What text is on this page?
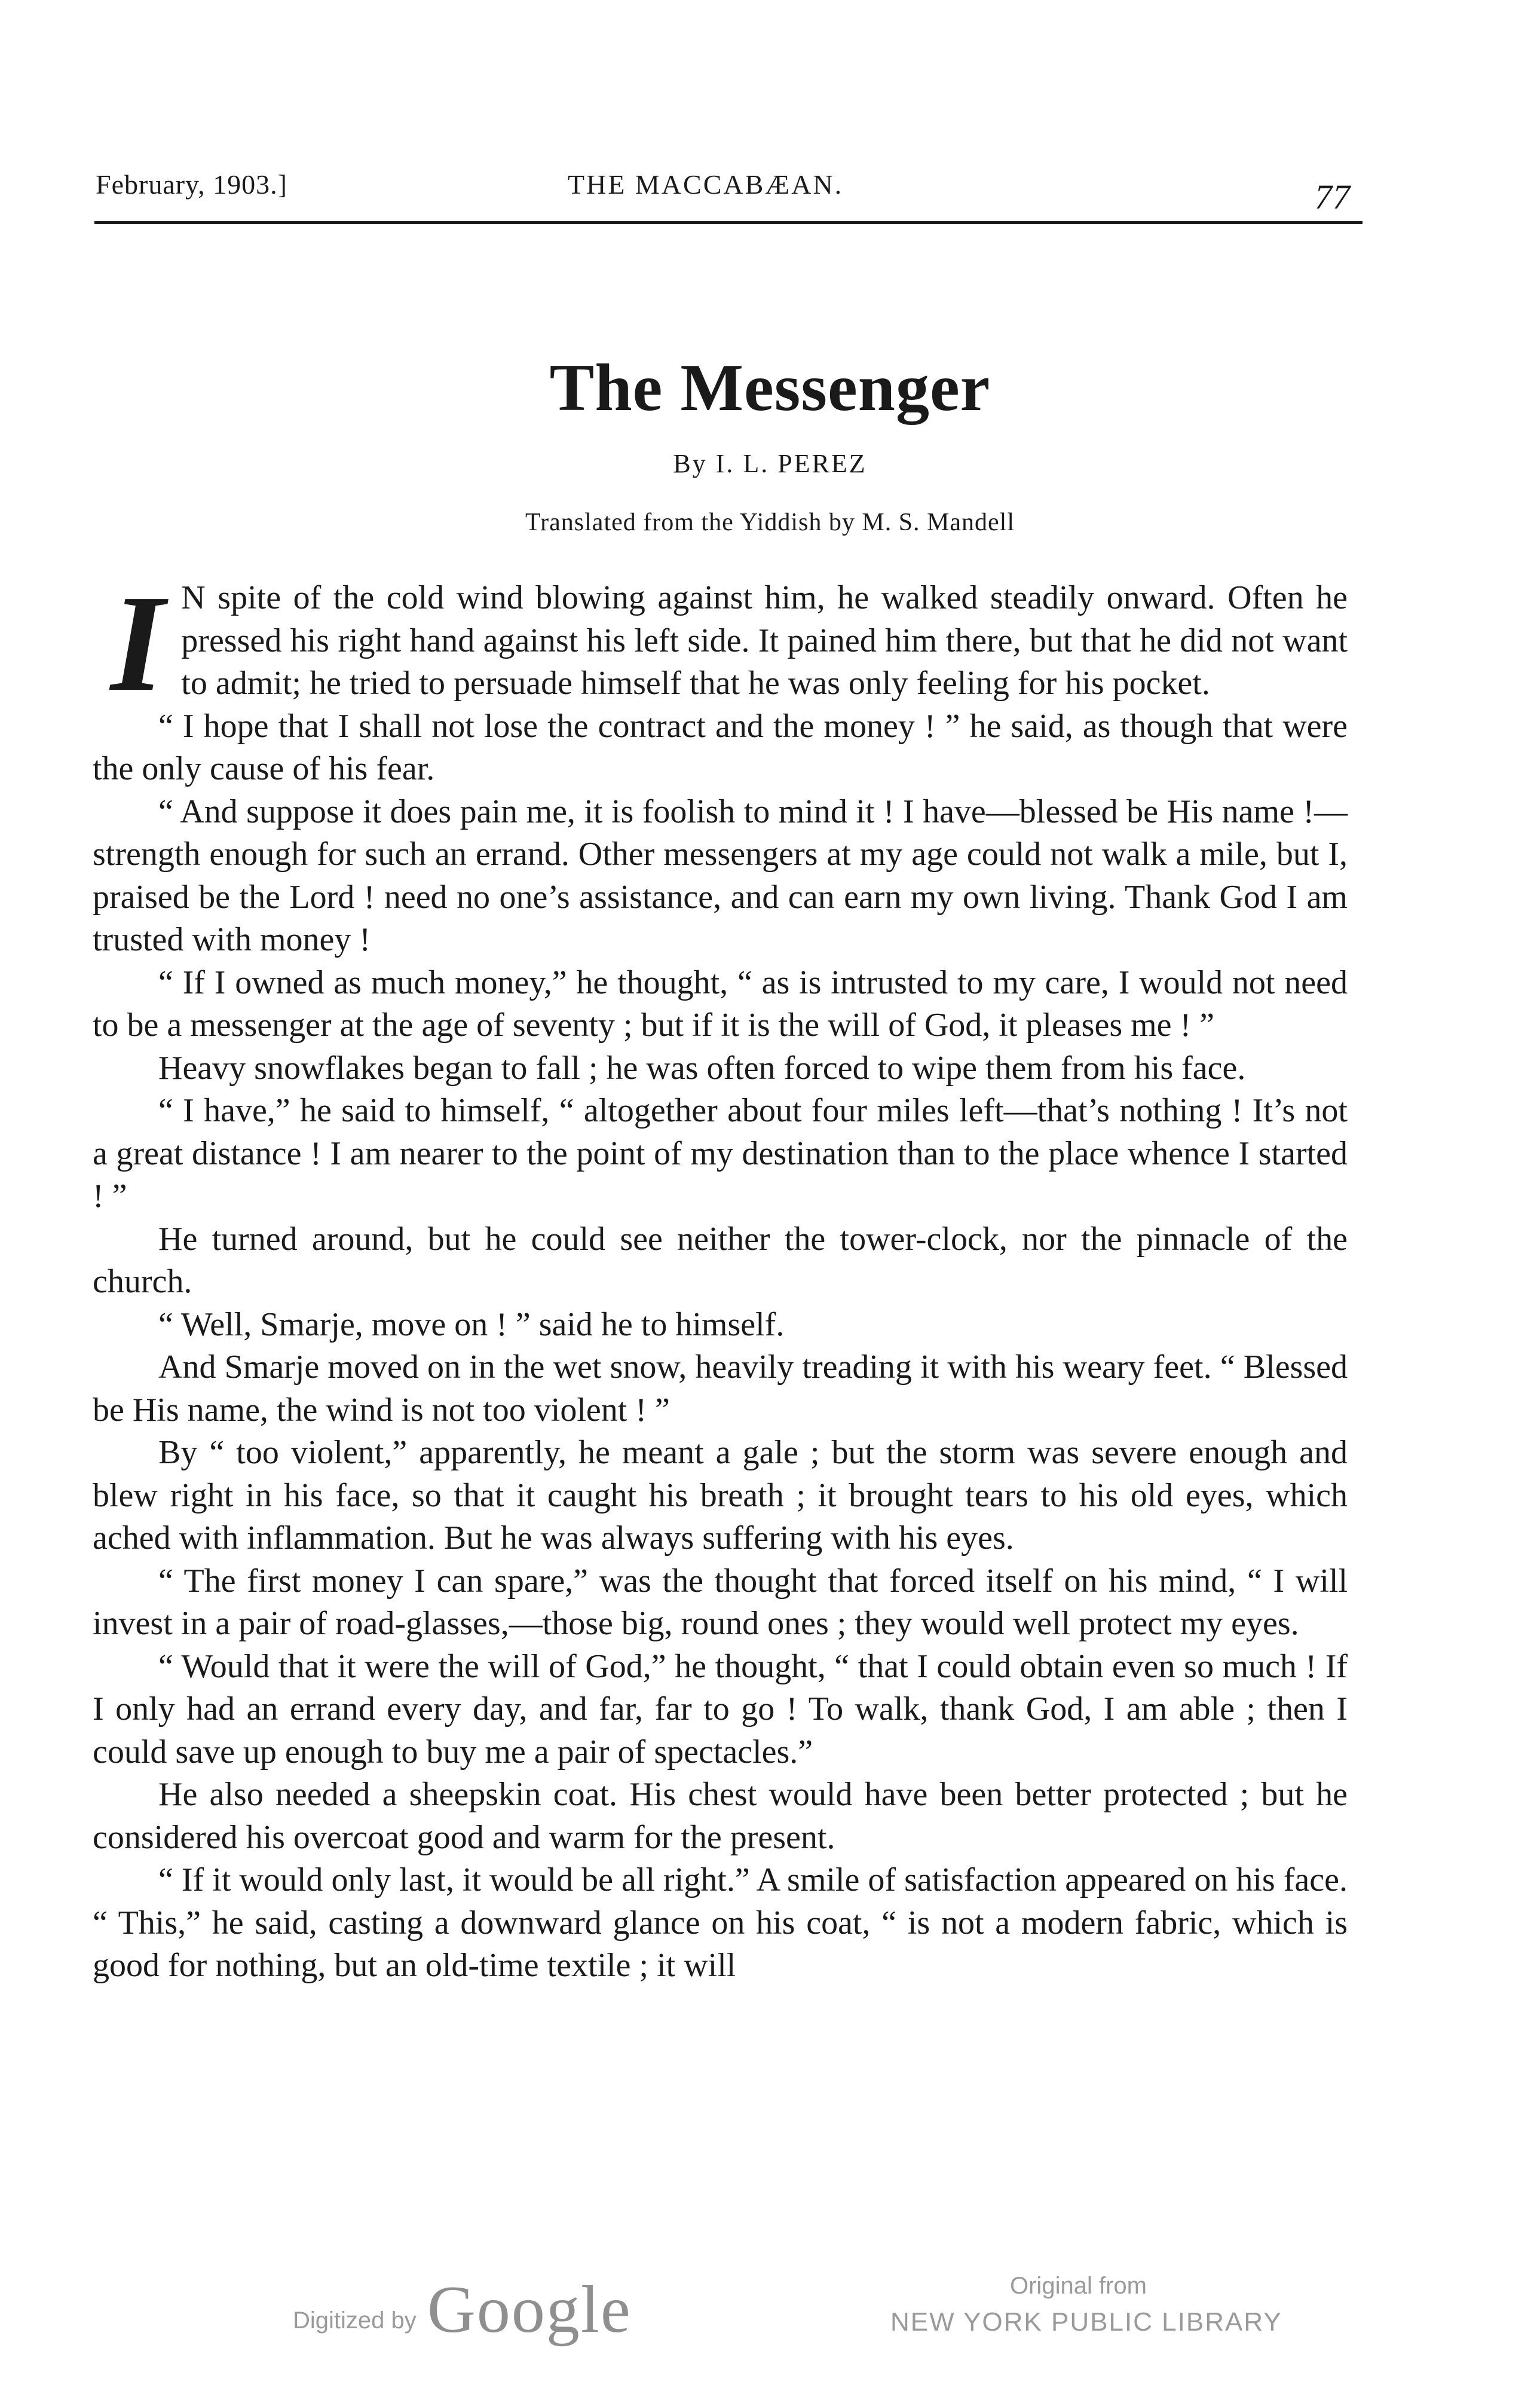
February, 1903.]	THE MACCABÆAN.	77
The Messenger
By I. L. PEREZ
Translated from the Yiddish by M. S. Mandell

I N spite of the cold wind blowing against him, he walked steadily onward. Often he pressed his right hand against his left side. It pained him there, but that he did not want to admit; he tried to persuade himself that he was only feeling for his pocket.

“ I hope that I shall not lose the contract and the money ! ” he said, as though that were the only cause of his fear.

“ And suppose it does pain me, it is foolish to mind it ! I have—blessed be His name !—strength enough for such an errand. Other messengers at my age could not walk a mile, but I, praised be the Lord ! need no one’s assistance, and can earn my own living. Thank God I am trusted with money !

“ If I owned as much money,” he thought, “ as is intrusted to my care, I would not need to be a messenger at the age of seventy ; but if it is the will of God, it pleases me ! ”

Heavy snowflakes began to fall ; he was often forced to wipe them from his face.

“ I have,” he said to himself, “ altogether about four miles left—that’s nothing ! It’s not a great distance ! I am nearer to the point of my destination than to the place whence I started ! ”

He turned around, but he could see neither the tower-clock, nor the pinnacle of the church.

“ Well, Smarje, move on ! ” said he to himself.

And Smarje moved on in the wet snow, heavily treading it with his weary feet. “ Blessed be His name, the wind is not too violent ! ”

By “ too violent,” apparently, he meant a gale ; but the storm was severe enough and blew right in his face, so that it caught his breath ; it brought tears to his old eyes, which ached with inflammation. But he was always suffering with his eyes.

“ The first money I can spare,” was the thought that forced itself on his mind, “ I will invest in a pair of road-glasses,—those big, round ones ; they would well protect my eyes.

“ Would that it were the will of God,” he thought, “ that I could obtain even so much ! If I only had an errand every day, and far, far to go ! To walk, thank God, I am able ; then I could save up enough to buy me a pair of spectacles.”

He also needed a sheepskin coat. His chest would have been better protected ; but he considered his overcoat good and warm for the present.

“ If it would only last, it would be all right.” A smile of satisfaction appeared on his face. “ This,” he said, casting a downward glance on his coat, “ is not a modern fabric, which is good for nothing, but an old-time textile ; it will

Digitized by Google	Original from
NEW YORK PUBLIC LIBRARY
